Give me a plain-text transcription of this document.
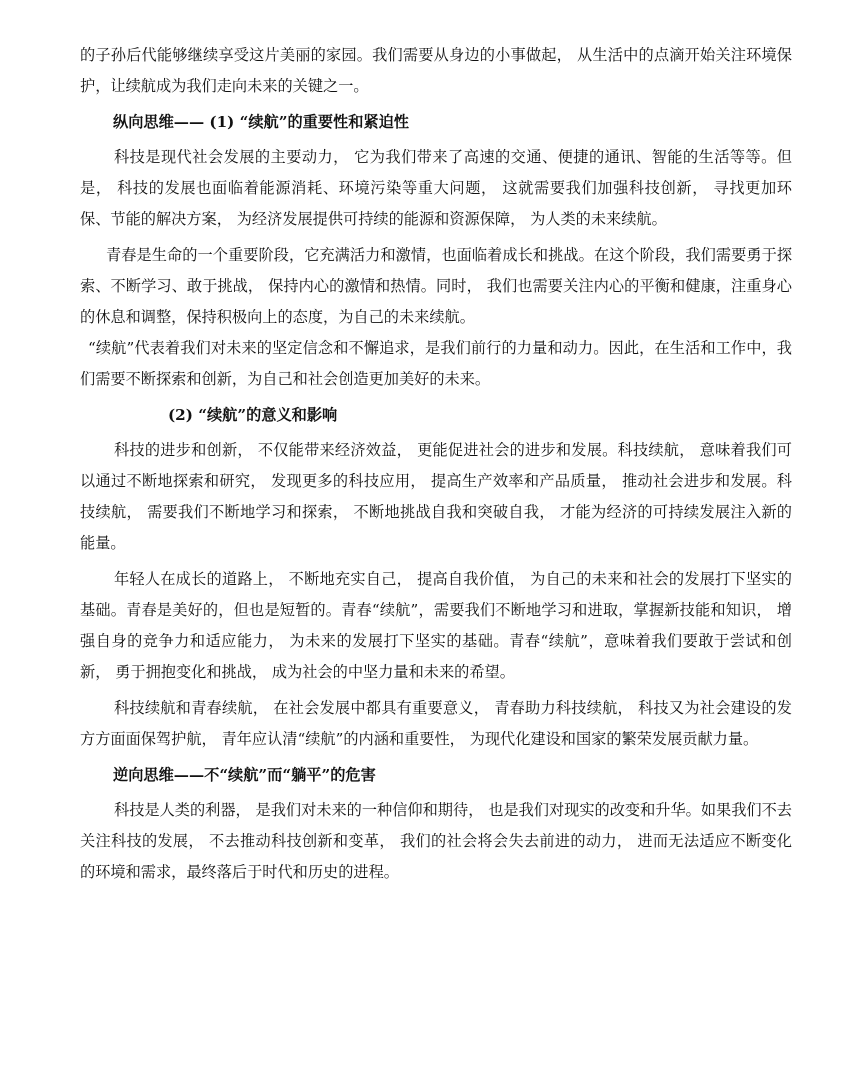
的子孙后代能够继续享受这片美丽的家园。我们需要从身边的小事做起， 从生活中的点滴开始关注环境保护，让续航成为我们走向未来的关键之一。

纵向思维—— (1) “续航”的重要性和紧迫性

科技是现代社会发展的主要动力， 它为我们带来了高速的交通、便捷的通讯、智能的生活等等。但是， 科技的发展也面临着能源消耗、环境污染等重大问题， 这就需要我们加强科技创新， 寻找更加环保、节能的解决方案， 为经济发展提供可持续的能源和资源保障， 为人类的未来续航。

青春是生命的一个重要阶段，它充满活力和激情，也面临着成长和挑战。在这个阶段，我们需要勇于探索、不断学习、敢于挑战， 保持内心的激情和热情。同时， 我们也需要关注内心的平衡和健康，注重身心的休息和调整，保持积极向上的态度，为自己的未来续航。

“续航”代表着我们对未来的坚定信念和不懈追求，是我们前行的力量和动力。因此，在生活和工作中，我们需要不断探索和创新，为自己和社会创造更加美好的未来。

(2) “续航”的意义和影响

科技的进步和创新， 不仅能带来经济效益， 更能促进社会的进步和发展。科技续航， 意味着我们可以通过不断地探索和研究， 发现更多的科技应用， 提高生产效率和产品质量， 推动社会进步和发展。科技续航， 需要我们不断地学习和探索， 不断地挑战自我和突破自我， 才能为经济的可持续发展注入新的能量。

年轻人在成长的道路上， 不断地充实自己， 提高自我价值， 为自己的未来和社会的发展打下坚实的基础。青春是美好的，但也是短暂的。青春“续航”，需要我们不断地学习和进取，掌握新技能和知识， 增强自身的竞争力和适应能力， 为未来的发展打下坚实的基础。青春“续航”，意味着我们要敢于尝试和创新， 勇于拥抱变化和挑战， 成为社会的中坚力量和未来的希望。

科技续航和青春续航， 在社会发展中都具有重要意义， 青春助力科技续航， 科技又为社会建设的发方方面面保驾护航， 青年应认清“续航”的内涵和重要性， 为现代化建设和国家的繁荣发展贡献力量。

逆向思维——不“续航”而“躺平”的危害

科技是人类的利器， 是我们对未来的一种信仰和期待， 也是我们对现实的改变和升华。如果我们不去关注科技的发展， 不去推动科技创新和变革， 我们的社会将会失去前进的动力， 进而无法适应不断变化的环境和需求，最终落后于时代和历史的进程。
